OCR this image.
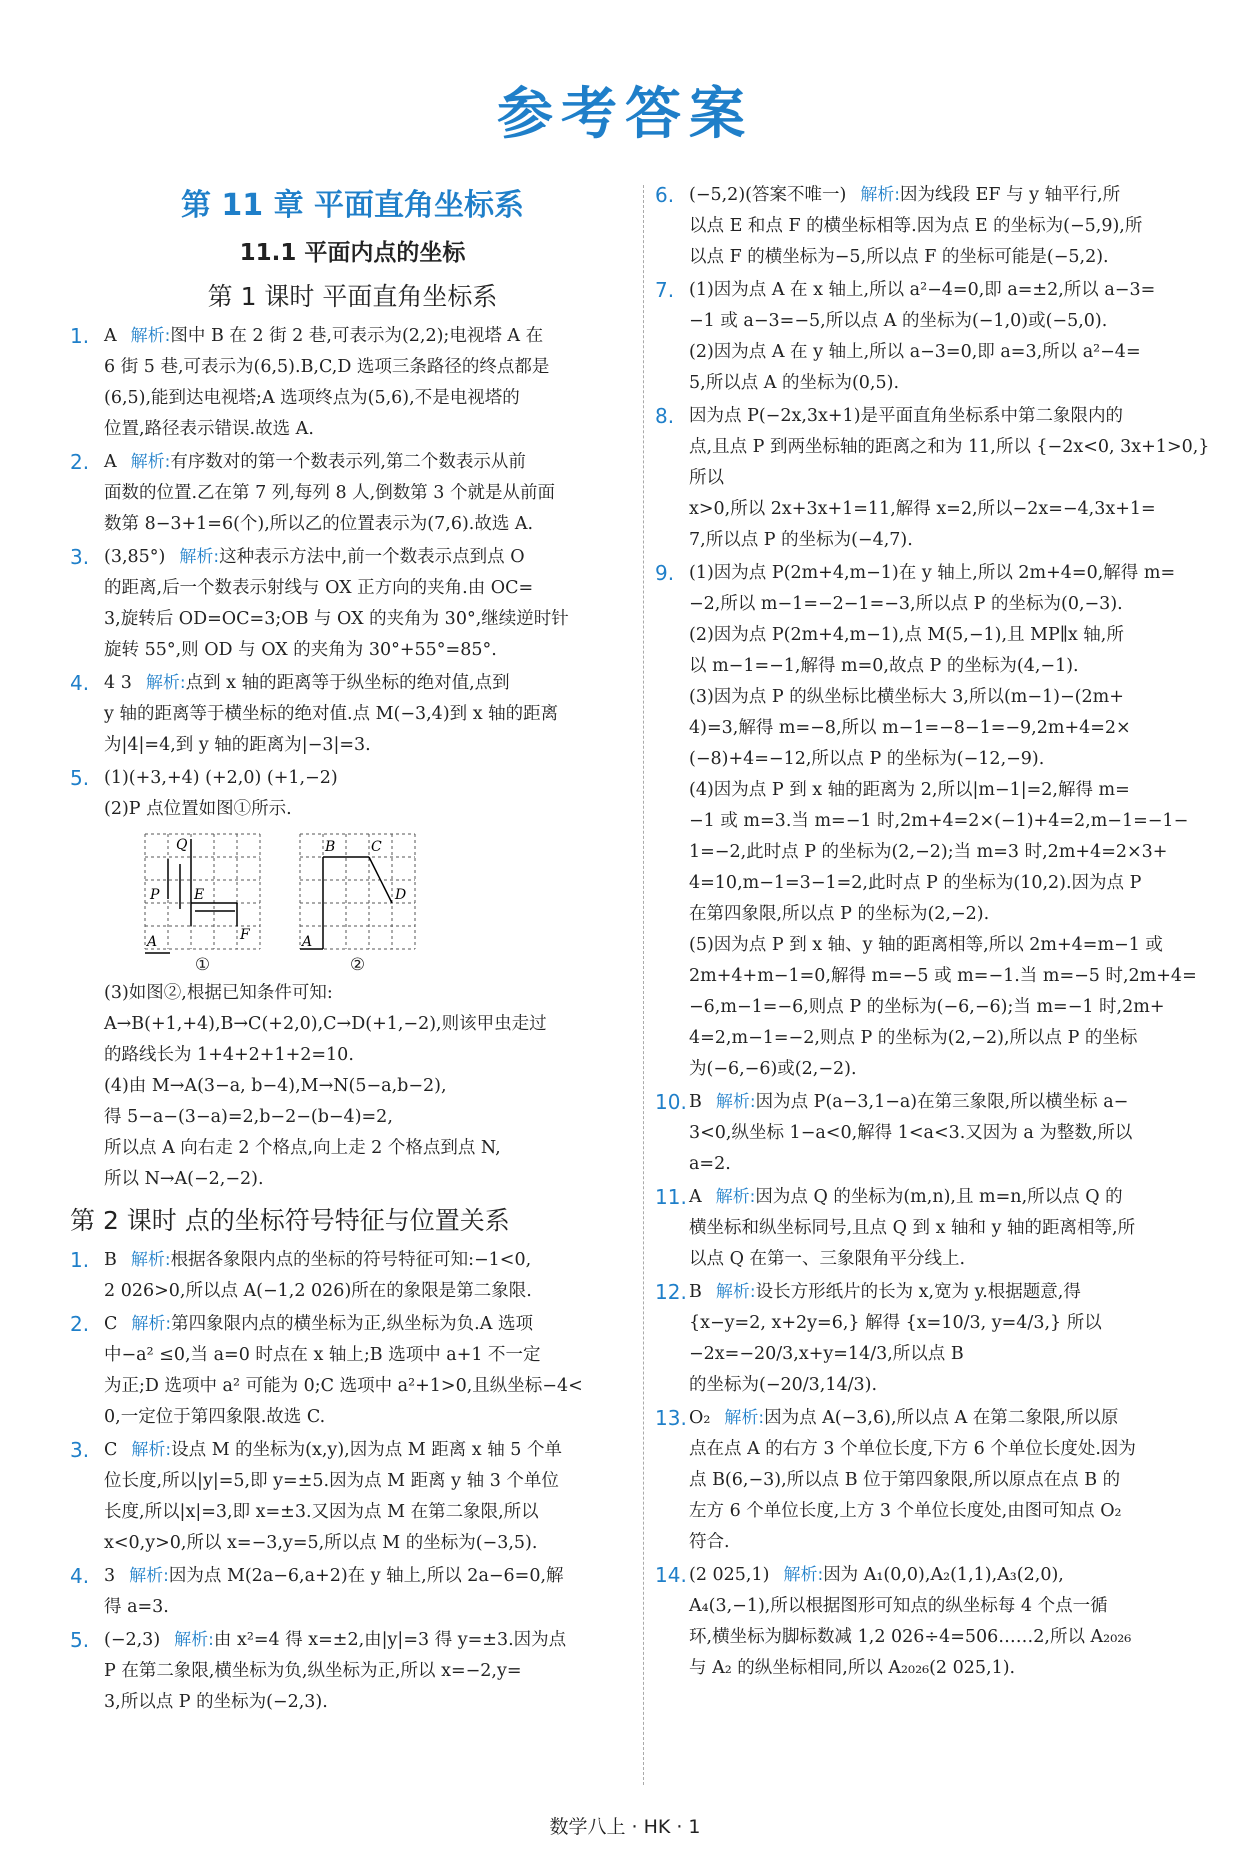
参考答案
第 11 章 平面直角坐标系
11.1 平面内点的坐标
第 1 课时 平面直角坐标系
1. A 解析:图中 B 在 2 街 2 巷,可表示为(2,2);电视塔 A 在
6 街 5 巷,可表示为(6,5).B,C,D 选项三条路径的终点都是
(6,5),能到达电视塔;A 选项终点为(5,6),不是电视塔的
位置,路径表示错误.故选 A.
2. A 解析:有序数对的第一个数表示列,第二个数表示从前
面数的位置.乙在第 7 列,每列 8 人,倒数第 3 个就是从前面
数第 8−3+1=6(个),所以乙的位置表示为(7,6).故选 A.
3. (3,85°) 解析:这种表示方法中,前一个数表示点到点 O
的距离,后一个数表示射线与 OX 正方向的夹角.由 OC=
3,旋转后 OD=OC=3;OB 与 OX 的夹角为 30°,继续逆时针
旋转 55°,则 OD 与 OX 的夹角为 30°+55°=85°.
4. 4 3 解析:点到 x 轴的距离等于纵坐标的绝对值,点到
y 轴的距离等于横坐标的绝对值.点 M(−3,4)到 x 轴的距离
为|4|=4,到 y 轴的距离为|−3|=3.
5. (1)(+3,+4) (+2,0) (+1,−2)
(2)P 点位置如图①所示.
Q
P E
F
A
①
B	C
D
A
②
(3)如图②,根据已知条件可知:
A→B(+1,+4),B→C(+2,0),C→D(+1,−2),则该甲虫走过
的路线长为 1+4+2+1+2=10.
(4)由 M→A(3−a, b−4),M→N(5−a,b−2),
得 5−a−(3−a)=2,b−2−(b−4)=2,
所以点 A 向右走 2 个格点,向上走 2 个格点到点 N,
所以 N→A(−2,−2).
第 2 课时 点的坐标符号特征与位置关系
1. B 解析:根据各象限内点的坐标的符号特征可知:−1<0,
2 026>0,所以点 A(−1,2 026)所在的象限是第二象限.
2. C 解析:第四象限内点的横坐标为正,纵坐标为负.A 选项
中−a² ≤0,当 a=0 时点在 x 轴上;B 选项中 a+1 不一定
为正;D 选项中 a² 可能为 0;C 选项中 a²+1>0,且纵坐标−4<
0,一定位于第四象限.故选 C.
3. C 解析:设点 M 的坐标为(x,y),因为点 M 距离 x 轴 5 个单
位长度,所以|y|=5,即 y=±5.因为点 M 距离 y 轴 3 个单位
长度,所以|x|=3,即 x=±3.又因为点 M 在第二象限,所以
x<0,y>0,所以 x=−3,y=5,所以点 M 的坐标为(−3,5).
4. 3 解析:因为点 M(2a−6,a+2)在 y 轴上,所以 2a−6=0,解
得 a=3.
5. (−2,3) 解析:由 x²=4 得 x=±2,由|y|=3 得 y=±3.因为点
P 在第二象限,横坐标为负,纵坐标为正,所以 x=−2,y=
3,所以点 P 的坐标为(−2,3).
6. (−5,2)(答案不唯一) 解析:因为线段 EF 与 y 轴平行,所
以点 E 和点 F 的横坐标相等.因为点 E 的坐标为(−5,9),所
以点 F 的横坐标为−5,所以点 F 的坐标可能是(−5,2).
7. (1)因为点 A 在 x 轴上,所以 a²−4=0,即 a=±2,所以 a−3=
−1 或 a−3=−5,所以点 A 的坐标为(−1,0)或(−5,0).
(2)因为点 A 在 y 轴上,所以 a−3=0,即 a=3,所以 a²−4=
5,所以点 A 的坐标为(0,5).
8. 因为点 P(−2x,3x+1)是平面直角坐标系中第二象限内的
点,且点 P 到两坐标轴的距离之和为 11,所以 {−2x<0, 3x+1>0,} 所以
x>0,所以 2x+3x+1=11,解得 x=2,所以−2x=−4,3x+1=
7,所以点 P 的坐标为(−4,7).
9. (1)因为点 P(2m+4,m−1)在 y 轴上,所以 2m+4=0,解得 m=
−2,所以 m−1=−2−1=−3,所以点 P 的坐标为(0,−3).
(2)因为点 P(2m+4,m−1),点 M(5,−1),且 MP∥x 轴,所
以 m−1=−1,解得 m=0,故点 P 的坐标为(4,−1).
(3)因为点 P 的纵坐标比横坐标大 3,所以(m−1)−(2m+
4)=3,解得 m=−8,所以 m−1=−8−1=−9,2m+4=2×
(−8)+4=−12,所以点 P 的坐标为(−12,−9).
(4)因为点 P 到 x 轴的距离为 2,所以|m−1|=2,解得 m=
−1 或 m=3.当 m=−1 时,2m+4=2×(−1)+4=2,m−1=−1−
1=−2,此时点 P 的坐标为(2,−2);当 m=3 时,2m+4=2×3+
4=10,m−1=3−1=2,此时点 P 的坐标为(10,2).因为点 P
在第四象限,所以点 P 的坐标为(2,−2).
(5)因为点 P 到 x 轴、y 轴的距离相等,所以 2m+4=m−1 或
2m+4+m−1=0,解得 m=−5 或 m=−1.当 m=−5 时,2m+4=
−6,m−1=−6,则点 P 的坐标为(−6,−6);当 m=−1 时,2m+
4=2,m−1=−2,则点 P 的坐标为(2,−2),所以点 P 的坐标
为(−6,−6)或(2,−2).
10. B 解析:因为点 P(a−3,1−a)在第三象限,所以横坐标 a−
3<0,纵坐标 1−a<0,解得 1<a<3.又因为 a 为整数,所以
a=2.
11. A 解析:因为点 Q 的坐标为(m,n),且 m=n,所以点 Q 的
横坐标和纵坐标同号,且点 Q 到 x 轴和 y 轴的距离相等,所
以点 Q 在第一、三象限角平分线上.
12. B 解析:设长方形纸片的长为 x,宽为 y.根据题意,得
{x−y=2, x+2y=6,} 解得 {x=10/3, y=4/3,} 所以−2x=−20/3,x+y=14/3,所以点 B
的坐标为(−20/3,14/3).
13. O₂ 解析:因为点 A(−3,6),所以点 A 在第二象限,所以原
点在点 A 的右方 3 个单位长度,下方 6 个单位长度处.因为
点 B(6,−3),所以点 B 位于第四象限,所以原点在点 B 的
左方 6 个单位长度,上方 3 个单位长度处,由图可知点 O₂
符合.
14. (2 025,1) 解析:因为 A₁(0,0),A₂(1,1),A₃(2,0),
A₄(3,−1),所以根据图形可知点的纵坐标每 4 个点一循
环,横坐标为脚标数减 1,2 026÷4=506……2,所以 A₂₀₂₆
与 A₂ 的纵坐标相同,所以 A₂₀₂₆(2 025,1).
数学八上 · HK · 1
